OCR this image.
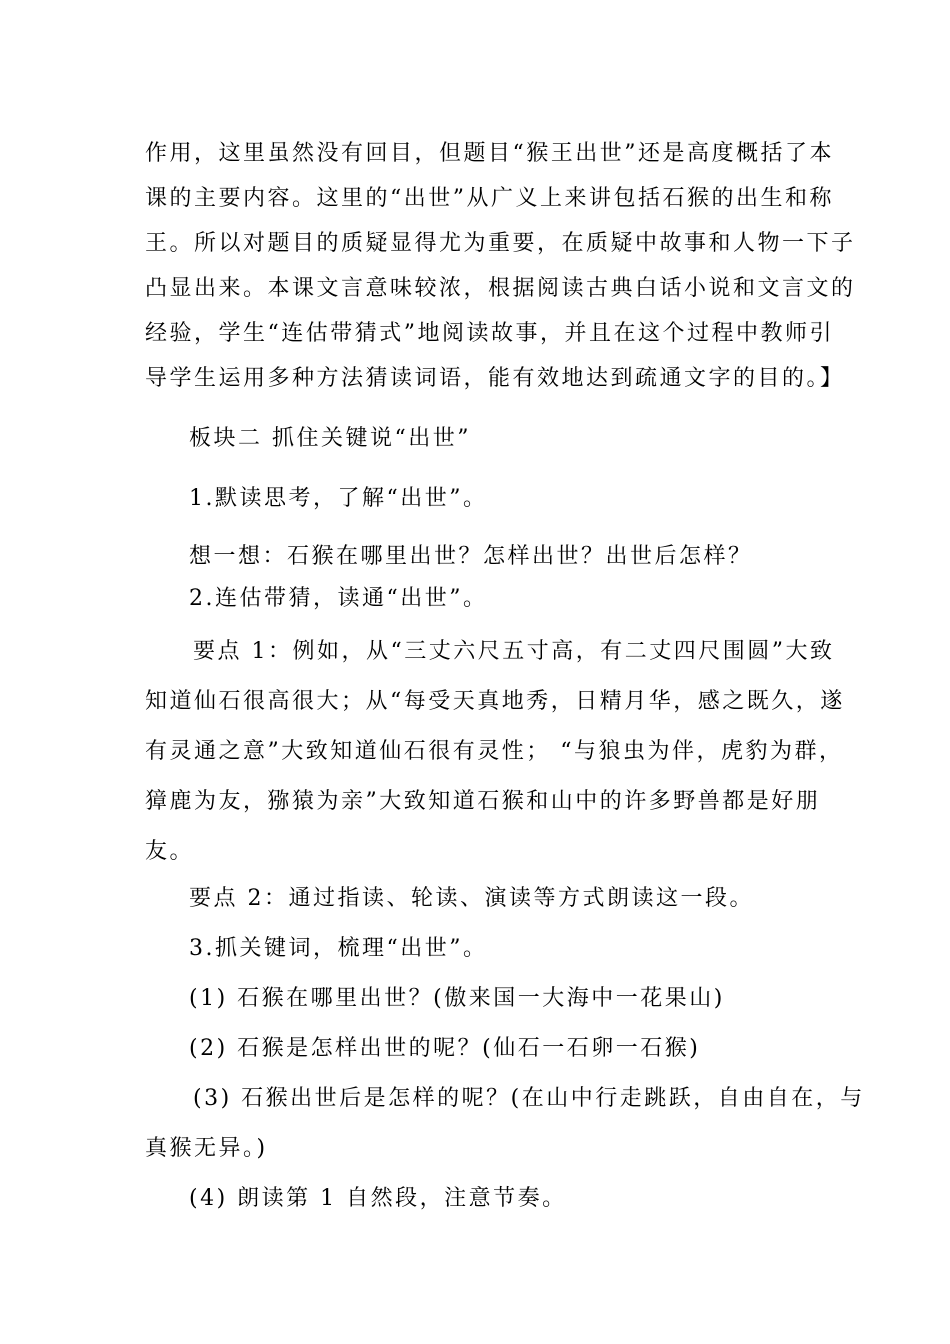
作用，这里虽然没有回目，但题目“猴王出世”还是高度概括了本
课的主要内容。这里的“出世”从广义上来讲包括石猴的出生和称
王。所以对题目的质疑显得尤为重要，在质疑中故事和人物一下子
凸显出来。本课文言意味较浓，根据阅读古典白话小说和文言文的
经验，学生“连估带猜式”地阅读故事，并且在这个过程中教师引
导学生运用多种方法猜读词语，能有效地达到疏通文字的目的。】
板块二 抓住关键说“出世”
1.默读思考，了解“出世”。
想一想：石猴在哪里出世？怎样出世？出世后怎样？
2.连估带猜，读通“出世”。
要点 1：例如，从“三丈六尺五寸高，有二丈四尺围圆”大致
知道仙石很高很大；从“每受天真地秀，日精月华，感之既久，遂
有灵通之意”大致知道仙石很有灵性； “与狼虫为伴，虎豹为群，
獐鹿为友，猕猿为亲”大致知道石猴和山中的许多野兽都是好朋
友。
要点 2：通过指读、轮读、演读等方式朗读这一段。
3.抓关键词，梳理“出世”。
(1) 石猴在哪里出世？(傲来国一大海中一花果山)
(2) 石猴是怎样出世的呢？(仙石一石卵一石猴)
(3) 石猴出世后是怎样的呢？(在山中行走跳跃，自由自在，与
真猴无异。)
(4) 朗读第 1 自然段，注意节奏。
